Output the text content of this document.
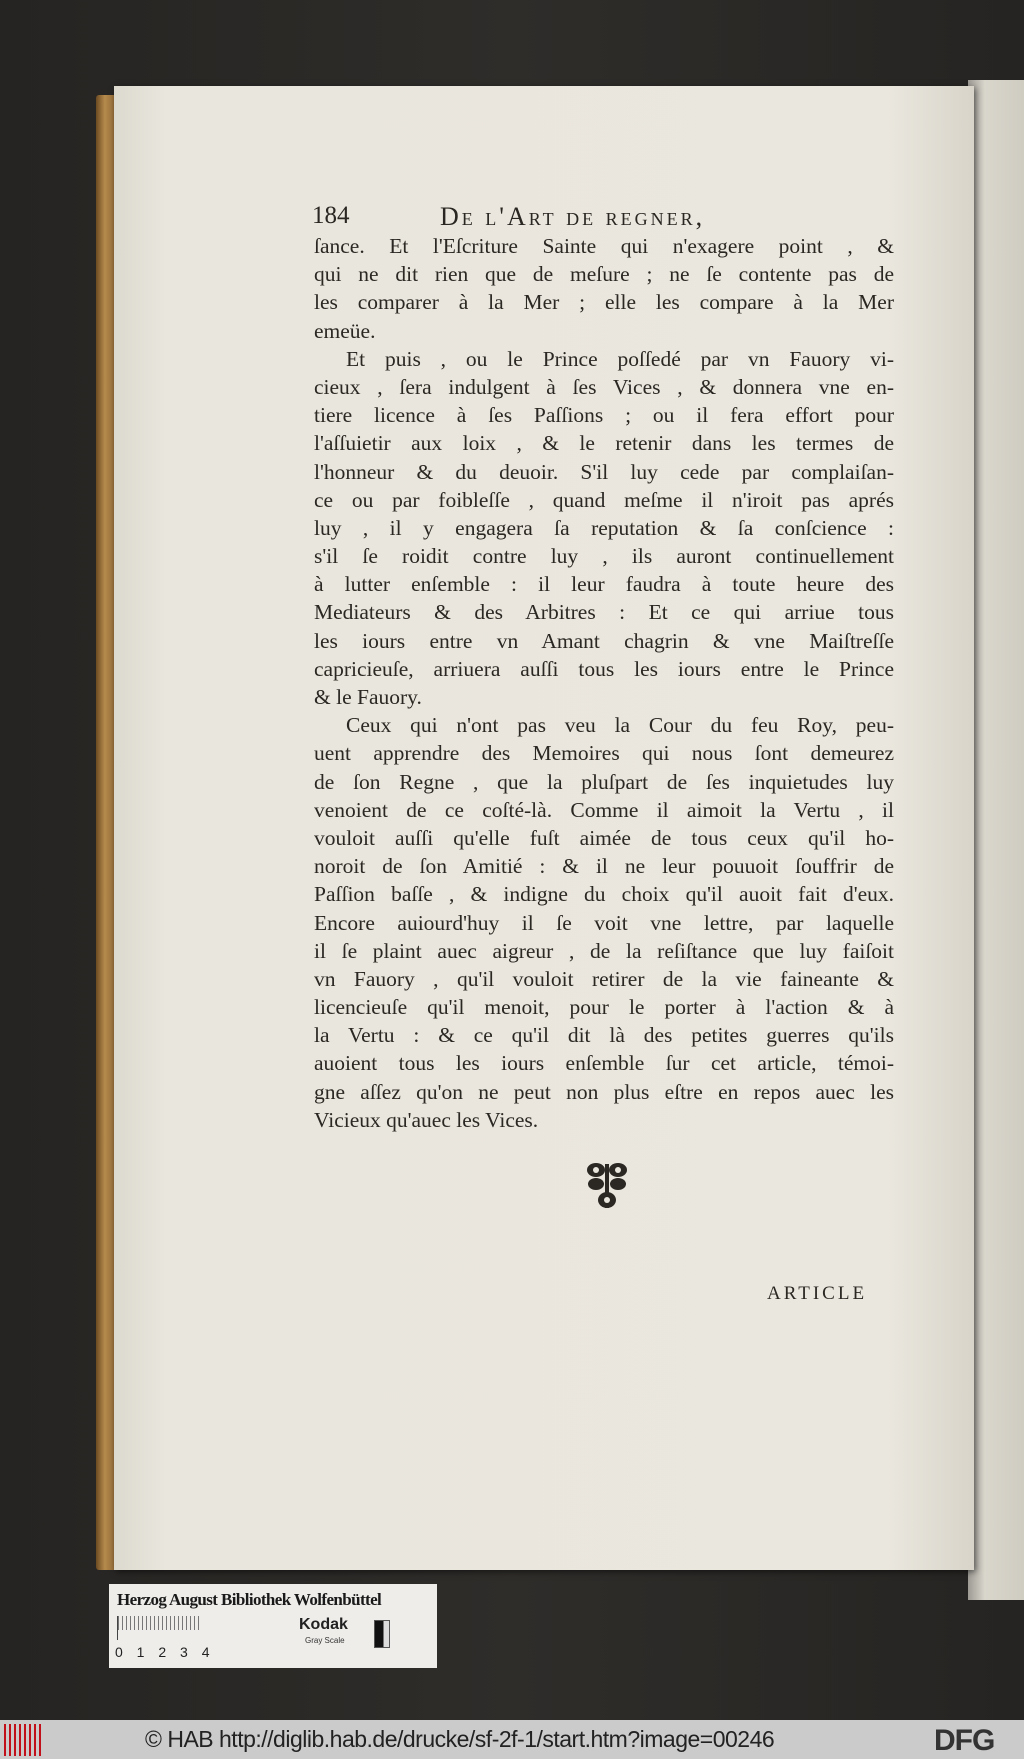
184	De l'Art de regner,
ſance. Et l'Eſcriture Sainte qui n'exagere point , &
qui ne dit rien que de meſure ; ne ſe contente pas de
les comparer à la Mer ; elle les compare à la Mer
emeüe.
Et puis , ou le Prince poſſedé par vn Fauory vi-
cieux , ſera indulgent à ſes Vices , & donnera vne en-
tiere licence à ſes Paſſions ; ou il fera effort pour
l'aſſuietir aux loix , & le retenir dans les termes de
l'honneur & du deuoir. S'il luy cede par complaiſan-
ce ou par foibleſſe , quand meſme il n'iroit pas aprés
luy , il y engagera ſa reputation & ſa conſcience :
s'il ſe roidit contre luy , ils auront continuellement
à lutter enſemble : il leur faudra à toute heure des
Mediateurs & des Arbitres : Et ce qui arriue tous
les iours entre vn Amant chagrin & vne Maiſtreſſe
capricieuſe, arriuera auſſi tous les iours entre le Prince
& le Fauory.
Ceux qui n'ont pas veu la Cour du feu Roy, peu-
uent apprendre des Memoires qui nous ſont demeurez
de ſon Regne , que la pluſpart de ſes inquietudes luy
venoient de ce coſté-là. Comme il aimoit la Vertu , il
vouloit auſſi qu'elle fuſt aimée de tous ceux qu'il ho-
noroit de ſon Amitié : & il ne leur pouuoit ſouffrir de
Paſſion baſſe , & indigne du choix qu'il auoit fait d'eux.
Encore auiourd'huy il ſe voit vne lettre, par laquelle
il ſe plaint auec aigreur , de la reſiſtance que luy faiſoit
vn Fauory , qu'il vouloit retirer de la vie faineante &
licencieuſe qu'il menoit, pour le porter à l'action & à
la Vertu : & ce qu'il dit là des petites guerres qu'ils
auoient tous les iours enſemble ſur cet article, témoi-
gne aſſez qu'on ne peut non plus eſtre en repos auec les
Vicieux qu'auec les Vices.
ARTICLE
Herzog August Bibliothek Wolfenbüttel
0 1 2 3 4
Kodak
Gray Scale
© HAB http://diglib.hab.de/drucke/sf-2f-1/start.htm?image=00246	DFG
